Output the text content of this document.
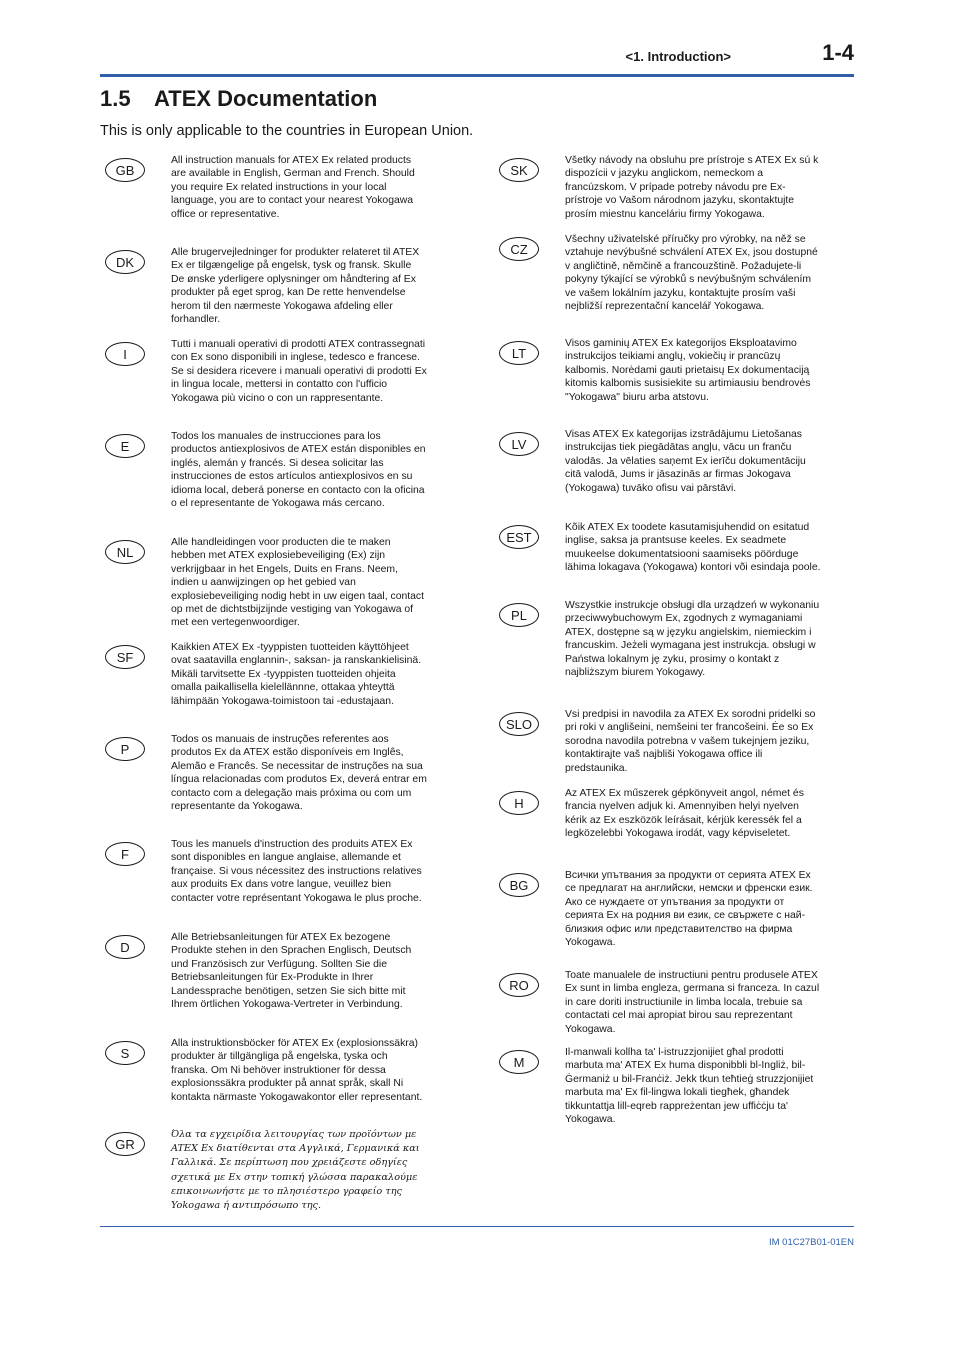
<1. Introduction>	1-4
1.5 ATEX Documentation
This is only applicable to the countries in European Union.
GB
All instruction manuals for ATEX Ex related products are available in English, German and French. Should you require Ex related instructions in your local language, you are to contact your nearest Yokogawa office or representative.
DK
Alle brugervejledninger for produkter relateret til ATEX Ex er tilgængelige på engelsk, tysk og fransk. Skulle De ønske yderligere oplysninger om håndtering af Ex produkter på eget sprog, kan De rette henvendelse herom til den nærmeste Yokogawa afdeling eller forhandler.
I
Tutti i manuali operativi di prodotti ATEX contrassegnati con Ex sono disponibili in inglese, tedesco e francese. Se si desidera ricevere i manuali operativi di prodotti Ex in lingua locale, mettersi in contatto con l'ufficio Yokogawa più vicino o con un rappresentante.
E
Todos los manuales de instrucciones para los productos antiexplosivos de ATEX están disponibles en inglés, alemán y francés. Si desea solicitar las instrucciones de estos artículos antiexplosivos en su idioma local, deberá ponerse en contacto con la oficina o el representante de Yokogawa más cercano.
NL
Alle handleidingen voor producten die te maken hebben met ATEX explosiebeveiliging (Ex) zijn verkrijgbaar in het Engels, Duits en Frans. Neem, indien u aanwijzingen op het gebied van explosiebeveiliging nodig hebt in uw eigen taal, contact op met de dichtstbijzijnde vestiging van Yokogawa of met een vertegenwoordiger.
SF
Kaikkien ATEX Ex -tyyppisten tuotteiden käyttöhjeet ovat saatavilla englannin-, saksan- ja ranskankielisinä. Mikäli tarvitsette Ex -tyyppisten tuotteiden ohjeita omalla paikallisella kielellännne, ottakaa yhteyttä lähimpään Yokogawa-toimistoon tai -edustajaan.
P
Todos os manuais de instruções referentes aos produtos Ex da ATEX estão disponíveis em Inglês, Alemão e Francês. Se necessitar de instruções na sua língua relacionadas com produtos Ex, deverá entrar em contacto com a delegação mais próxima ou com um representante da Yokogawa.
F
Tous les manuels d'instruction des produits ATEX Ex sont disponibles en langue anglaise, allemande et française. Si vous nécessitez des instructions relatives aux produits Ex dans votre langue, veuillez bien contacter votre représentant Yokogawa le plus proche.
D
Alle Betriebsanleitungen für ATEX Ex bezogene Produkte stehen in den Sprachen Englisch, Deutsch und Französisch zur Verfügung. Sollten Sie die Betriebsanleitungen für Ex-Produkte in Ihrer Landessprache benötigen, setzen Sie sich bitte mit Ihrem örtlichen Yokogawa-Vertreter in Verbindung.
S
Alla instruktionsböcker för ATEX Ex (explosionssäkra) produkter är tillgängliga på engelska, tyska och franska. Om Ni behöver instruktioner för dessa explosionssäkra produkter på annat språk, skall Ni kontakta närmaste Yokogawakontor eller representant.
GR
Όλα τα εγχειρίδια λειτουργίας των προϊόντων με ATEX Ex διατίθενται στα Αγγλικά, Γερμανικά και Γαλλικά. Σε περίπτωση που χρειάζεστε οδηγίες σχετικά με Ex στην τοπική γλώσσα παρακαλούμε επικοινωνήστε με το πλησιέστερο γραφείο της Yokogawa ή αντιπρόσωπο της.
SK
Všetky návody na obsluhu pre prístroje s ATEX Ex sú k dispozícii v jazyku anglickom, nemeckom a francúzskom. V prípade potreby návodu pre Ex-prístroje vo Vašom národnom jazyku, skontaktujte prosím miestnu kanceláriu firmy Yokogawa.
CZ
Všechny uživatelské příručky pro výrobky, na něž se vztahuje nevýbušné schválení ATEX Ex, jsou dostupné v angličtině, němčině a francouzštině. Požadujete-li pokyny týkající se výrobků s nevýbušným schválením ve vašem lokálním jazyku, kontaktujte prosím vaši nejbližší reprezentační kancelář Yokogawa.
LT
Visos gaminių ATEX Ex kategorijos Eksploatavimo instrukcijos teikiami anglų, vokiečių ir prancūzų kalbomis. Norėdami gauti prietaisų Ex dokumentaciją kitomis kalbomis susisiekite su artimiausiu bendrovės "Yokogawa" biuru arba atstovu.
LV
Visas ATEX Ex kategorijas izstrādājumu Lietošanas instrukcijas tiek piegādātas angļu, vācu un franču valodās. Ja vēlaties saņemt Ex ierīču dokumentāciju citā valodā, Jums ir jāsazinās ar firmas Jokogava (Yokogawa) tuvāko ofisu vai pārstāvi.
EST
Kõik ATEX Ex toodete kasutamisjuhendid on esitatud inglise, saksa ja prantsuse keeles. Ex seadmete muukeelse dokumentatsiooni saamiseks pöörduge lähima lokagava (Yokogawa) kontori või esindaja poole.
PL
Wszystkie instrukcje obsługi dla urządzeń w wykonaniu przeciwwybuchowym Ex, zgodnych z wymaganiami ATEX, dostępne są w języku angielskim, niemieckim i francuskim. Jeżeli wymagana jest instrukcja. obsługi w Państwa lokalnym ję zyku, prosimy o kontakt z najbliższym biurem Yokogawy.
SLO
Vsi predpisi in navodila za ATEX Ex sorodni pridelki so pri roki v anglišeini, nemšeini ter francošeini. Ėe so Ex sorodna navodila potrebna v vašem tukejnjem jeziku, kontaktirajte vaš najbliši Yokogawa office ili predstaunika.
H
Az ATEX Ex műszerek gépkönyveit angol, német és francia nyelven adjuk ki. Amennyiben helyi nyelven kérik az Ex eszközök leírásait, kérjük keressék fel a legközelebbi Yokogawa irodát, vagy képviseletet.
BG
Всички упътвания за продукти от серията ATEX Ex се предлагат на английски, немски и френски език. Ако се нуждаете от упътвания за продукти от серията Ex на родния ви език, се свържете с най-близкия офис или представителство на фирма Yokogawa.
RO
Toate manualele de instructiuni pentru produsele ATEX Ex sunt in limba engleza, germana si franceza. In cazul in care doriti instructiunile in limba locala, trebuie sa contactati cel mai apropiat birou sau reprezentant Yokogawa.
M
Il-manwali kollha ta' l-istruzzjonijiet għal prodotti marbuta ma' ATEX Ex huma disponibbli bl-Ingliż, bil-Ġermaniż u bil-Franċiż. Jekk tkun teħtieġ struzzjonijiet marbuta ma' Ex fil-lingwa lokali tiegħek, għandek tikkuntattja lill-eqreb rappreżentan jew uffiċċju ta' Yokogawa.
IM 01C27B01-01EN
